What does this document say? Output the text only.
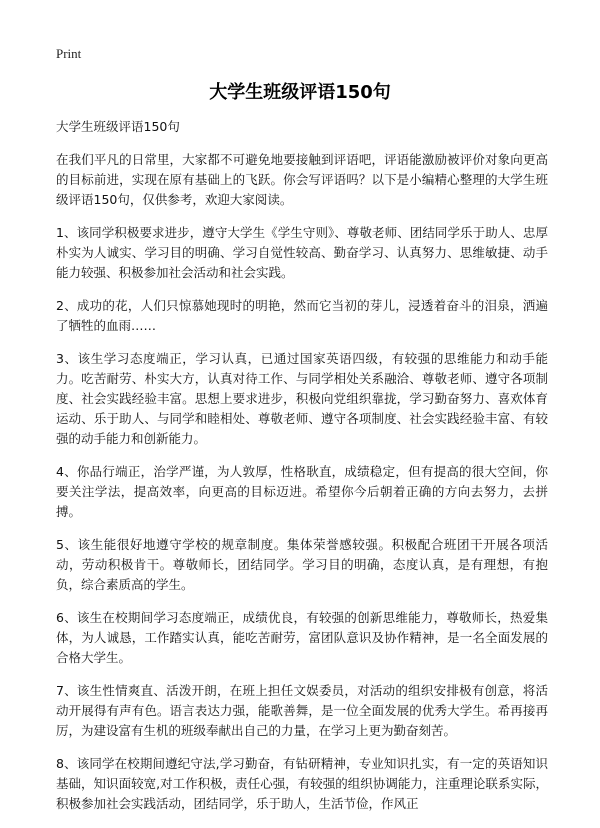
Print
大学生班级评语150句

大学生班级评语150句

在我们平凡的日常里，大家都不可避免地要接触到评语吧，评语能激励被评价对象向更高的目标前进，实现在原有基础上的飞跃。你会写评语吗？以下是小编精心整理的大学生班级评语150句，仅供参考，欢迎大家阅读。

1、该同学积极要求进步，遵守大学生《学生守则》、尊敬老师、团结同学乐于助人、忠厚朴实为人诚实、学习目的明确、学习自觉性较高、勤奋学习、认真努力、思维敏捷、动手能力较强、积极参加社会活动和社会实践。

2、成功的花，人们只惊慕她现时的明艳，然而它当初的芽儿，浸透着奋斗的泪泉，洒遍了牺牲的血雨……

3、该生学习态度端正，学习认真，已通过国家英语四级，有较强的思维能力和动手能力。吃苦耐劳、朴实大方，认真对待工作、与同学相处关系融洽、尊敬老师、遵守各项制度、社会实践经验丰富。思想上要求进步，积极向党组织靠拢，学习勤奋努力、喜欢体育运动、乐于助人、与同学和睦相处、尊敬老师、遵守各项制度、社会实践经验丰富、有较强的动手能力和创新能力。

4、你品行端正，治学严谨，为人敦厚，性格耿直，成绩稳定，但有提高的很大空间，你要关注学法，提高效率，向更高的目标迈进。希望你今后朝着正确的方向去努力，去拼搏。

5、该生能很好地遵守学校的规章制度。集体荣誉感较强。积极配合班团干开展各项活动，劳动积极肯干。尊敬师长，团结同学。学习目的明确，态度认真，是有理想，有抱负，综合素质高的学生。

6、该生在校期间学习态度端正，成绩优良，有较强的创新思维能力，尊敬师长，热爱集体，为人诚恳，工作踏实认真，能吃苦耐劳，富团队意识及协作精神，是一名全面发展的合格大学生。

7、该生性情爽直、活泼开朗，在班上担任文娱委员，对活动的组织安排极有创意，将活动开展得有声有色。语言表达力强，能歌善舞，是一位全面发展的优秀大学生。希再接再厉，为建设富有生机的班级奉献出自己的力量，在学习上更为勤奋刻苦。

8、该同学在校期间遵纪守法,学习勤奋，有钻研精神，专业知识扎实，有一定的英语知识基础，知识面较宽,对工作积极，责任心强，有较强的组织协调能力，注重理论联系实际，积极参加社会实践活动，团结同学，乐于助人，生活节俭，作风正
